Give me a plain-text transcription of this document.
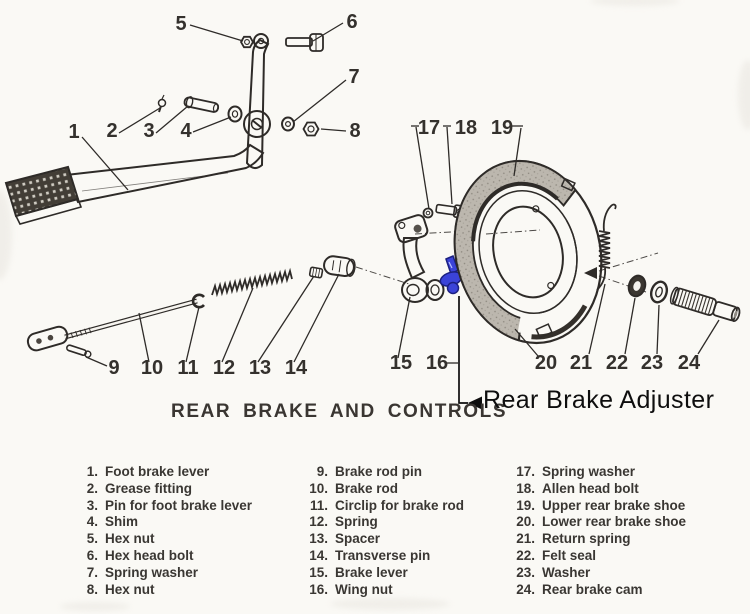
1 2 3 4
5	6
7
8
9 10 11 12 13 14	15 16
17 18 19
20 21 22 23 24
REAR BRAKE AND CONTROLS
Rear Brake Adjuster
1. Foot brake lever
2. Grease fitting
3. Pin for foot brake lever
4. Shim
5. Hex nut
6. Hex head bolt
7. Spring washer
8. Hex nut
9. Brake rod pin
10. Brake rod
11. Circlip for brake rod
12. Spring
13. Spacer
14. Transverse pin
15. Brake lever
16. Wing nut
17. Spring washer
18. Allen head bolt
19. Upper rear brake shoe
20. Lower rear brake shoe
21. Return spring
22. Felt seal
23. Washer
24. Rear brake cam
